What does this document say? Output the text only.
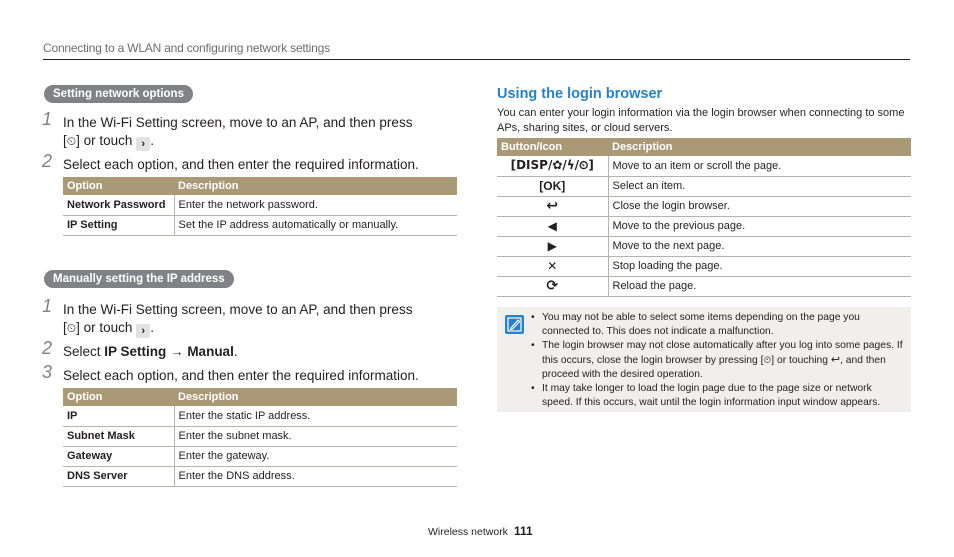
Connecting to a WLAN and configuring network settings
Setting network options
1 In the Wi-Fi Setting screen, move to an AP, and then press
[⏲] or touch › .
2 Select each option, and then enter the required information.
Option	Description
Network Password	Enter the network password.
IP Setting	Set the IP address automatically or manually.
Manually setting the IP address
1 In the Wi-Fi Setting screen, move to an AP, and then press
[⏲] or touch › .
2 Select IP Setting → Manual.
3 Select each option, and then enter the required information.
Option	Description
IP	Enter the static IP address.
Subnet Mask	Enter the subnet mask.
Gateway	Enter the gateway.
DNS Server	Enter the DNS address.
Using the login browser
You can enter your login information via the login browser when connecting to some APs, sharing sites, or cloud servers.
Button/Icon	Description
[DISP/✿/ϟ/⏲]	Move to an item or scroll the page.
[OK]	Select an item.
↩	Close the login browser.
◀	Move to the previous page.
▶	Move to the next page.
✕	Stop loading the page.
⟳	Reload the page.
• You may not be able to select some items depending on the page you connected to. This does not indicate a malfunction.
• The login browser may not close automatically after you log into some pages. If this occurs, close the login browser by pressing [⏲] or touching ↩, and then proceed with the desired operation.
• It may take longer to load the login page due to the page size or network speed. If this occurs, wait until the login information input window appears.
Wireless network 111
